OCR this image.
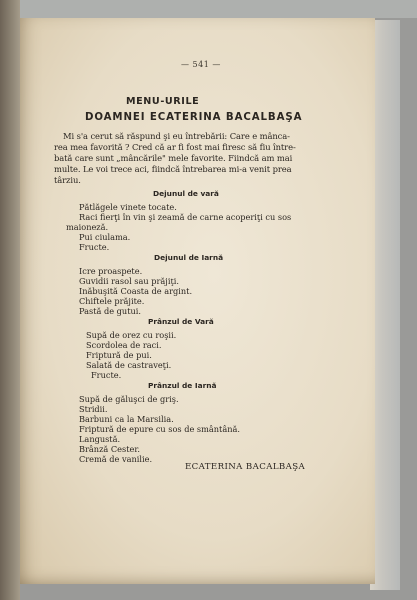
— 541 —
MENU-URILE
DOAMNEI ECATERINA BACALBAŞA
Mi s'a cerut să răspund şi eu întrebării: Care e mânca-
rea mea favorită ? Cred că ar fi fost mai firesc să fiu între-
bată care sunt „mâncările" mele favorite. Fiindcă am mai
multe. Le voi trece aci, fiindcă întrebarea mi-a venit prea
târziu.
Dejunul de vară
Pătlăgele vinete tocate.
Raci fierţi în vin şi zeamă de carne acoperiţi cu sos
maioneză.
Pui ciulama.
Fructe.
Dejunul de Iarnă
Icre proaspete.
Guvidii rasol sau prăjiţi.
Inăbuşită Coasta de argint.
Chiftele prăjite.
Pastă de gutui.
Prânzul de Vară
Supă de orez cu roşii.
Scordolea de raci.
Friptură de pui.
Salată de castraveţi.
Fructe.
Prânzul de Iarnă
Supă de găluşci de griş.
Stridii.
Barbuni ca la Marsilia.
Friptură de epure cu sos de smântână.
Langustă.
Brânză Cester.
Cremă de vanilie.
ECATERINA BACALBAŞA
